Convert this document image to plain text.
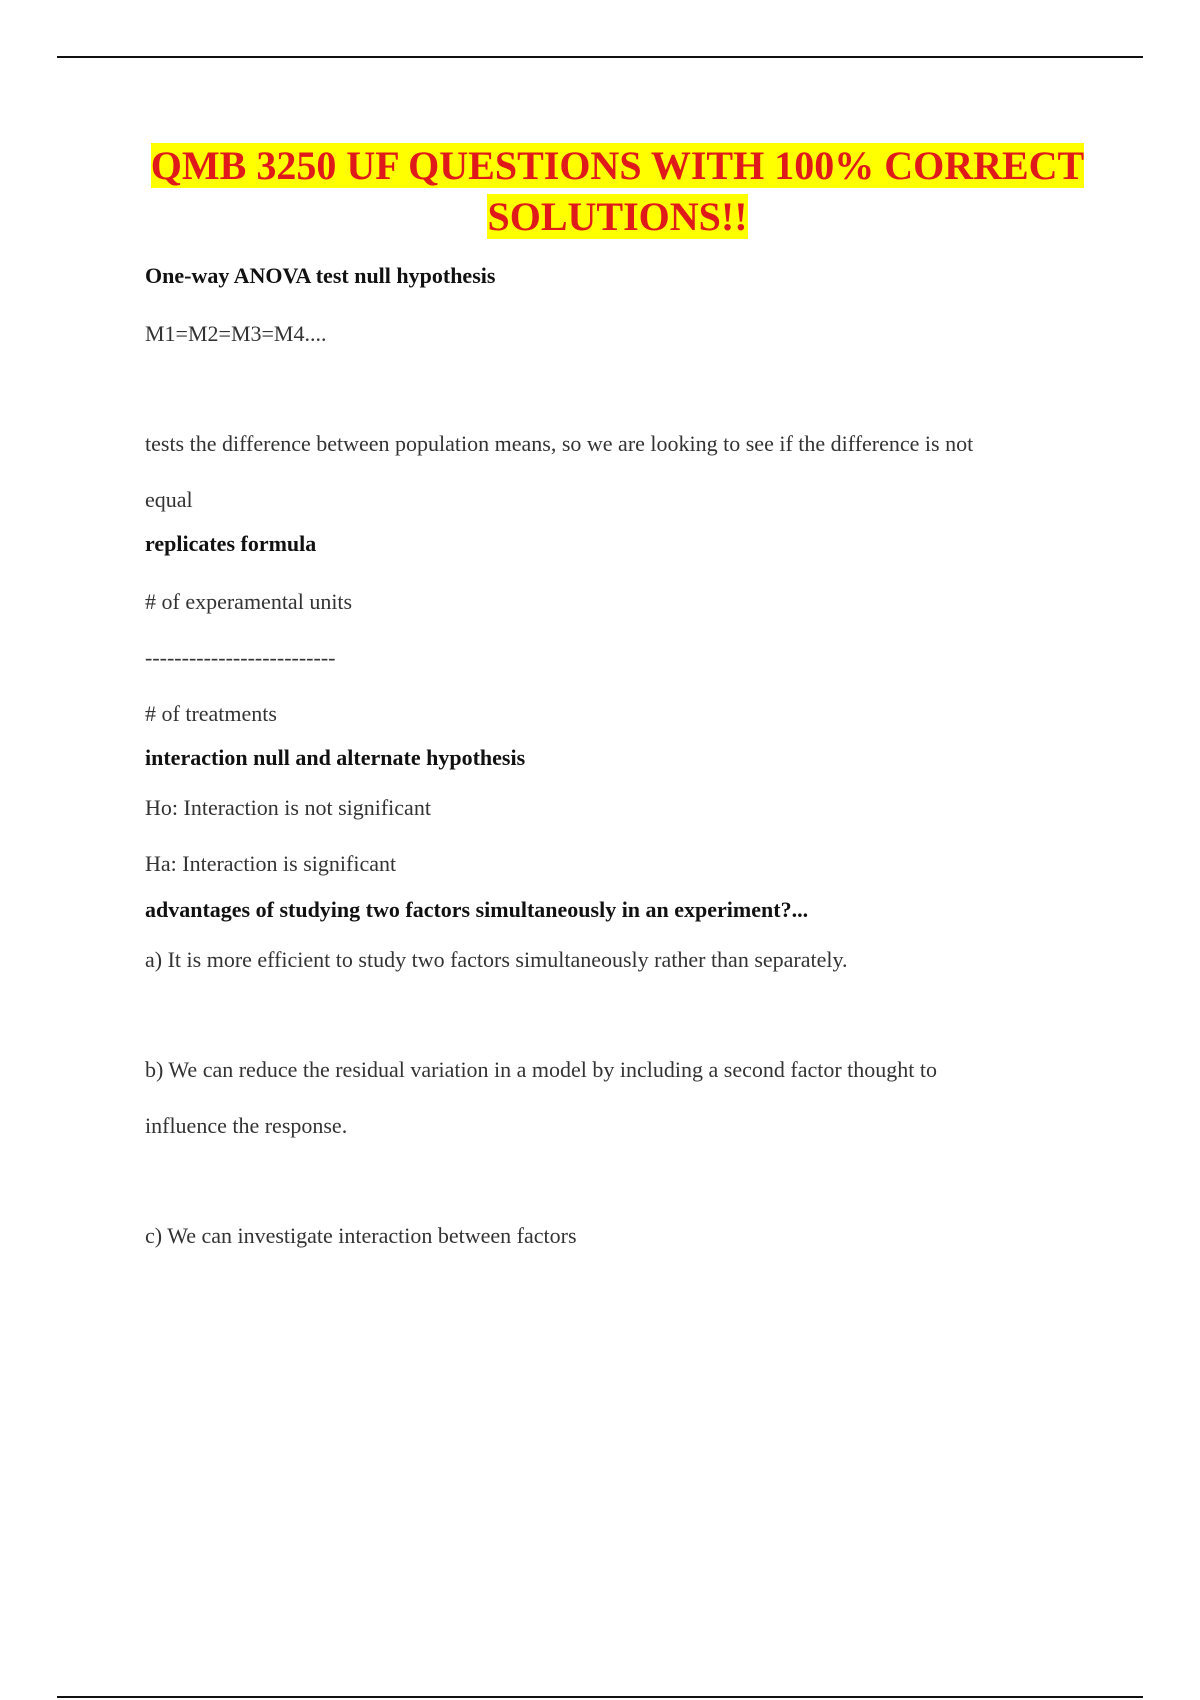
QMB 3250 UF QUESTIONS WITH 100% CORRECT SOLUTIONS!!

One-way ANOVA test null hypothesis

M1=M2=M3=M4....

tests the difference between population means, so we are looking to see if the difference is not

equal

replicates formula

# of experamental units

--------------------------

# of treatments

interaction null and alternate hypothesis

Ho: Interaction is not significant

Ha: Interaction is significant

advantages of studying two factors simultaneously in an experiment?...

a) It is more efficient to study two factors simultaneously rather than separately.

b) We can reduce the residual variation in a model by including a second factor thought to

influence the response.

c) We can investigate interaction between factors
